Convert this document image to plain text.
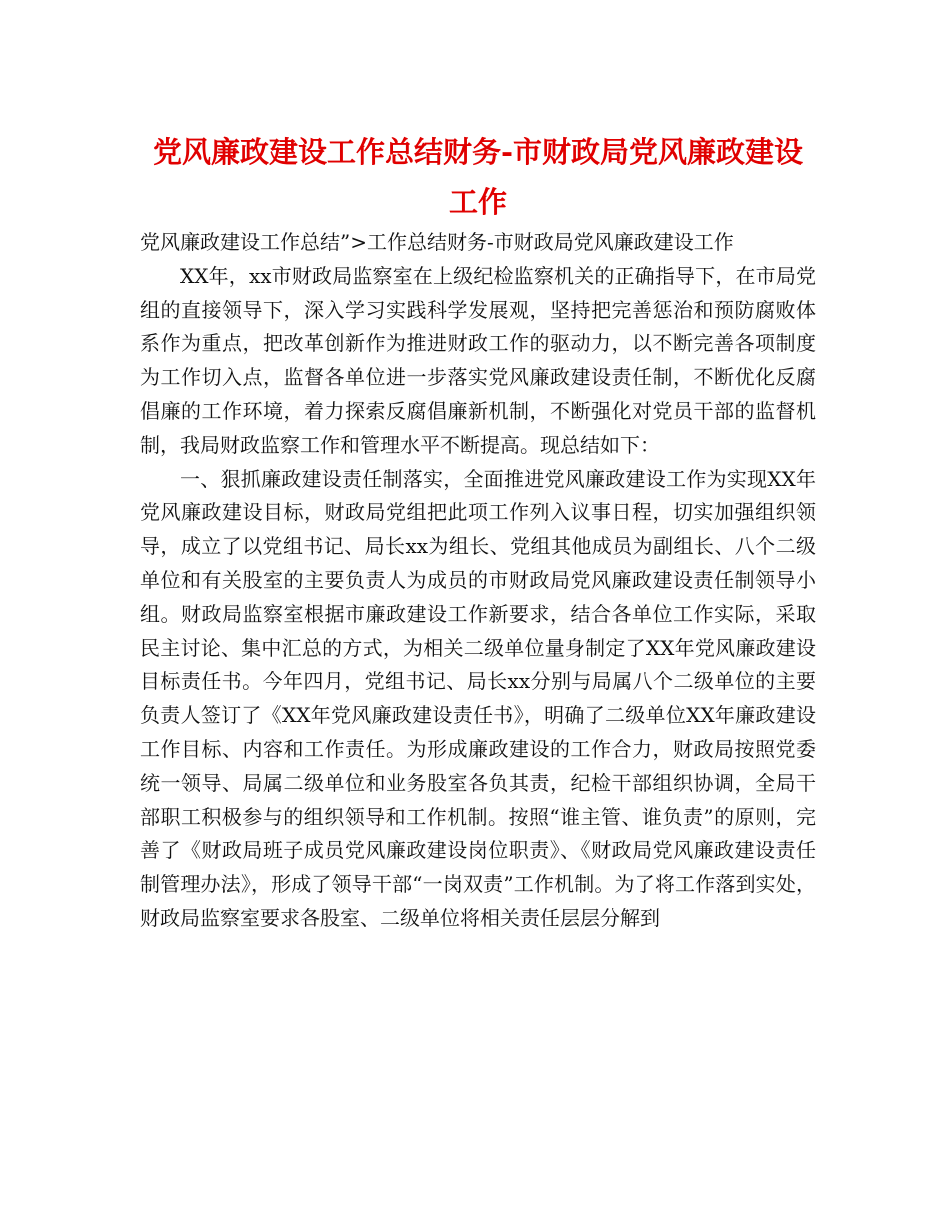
党风廉政建设工作总结财务-市财政局党风廉政建设工作

党风廉政建设工作总结”>工作总结财务-市财政局党风廉政建设工作

XX年，xx市财政局监察室在上级纪检监察机关的正确指导下，在市局党组的直接领导下，深入学习实践科学发展观，坚持把完善惩治和预防腐败体系作为重点，把改革创新作为推进财政工作的驱动力，以不断完善各项制度为工作切入点，监督各单位进一步落实党风廉政建设责任制，不断优化反腐倡廉的工作环境，着力探索反腐倡廉新机制，不断强化对党员干部的监督机制，我局财政监察工作和管理水平不断提高。现总结如下：

一、狠抓廉政建设责任制落实，全面推进党风廉政建设工作为实现XX年党风廉政建设目标，财政局党组把此项工作列入议事日程，切实加强组织领导，成立了以党组书记、局长xx为组长、党组其他成员为副组长、八个二级单位和有关股室的主要负责人为成员的市财政局党风廉政建设责任制领导小组。财政局监察室根据市廉政建设工作新要求，结合各单位工作实际，采取民主讨论、集中汇总的方式，为相关二级单位量身制定了XX年党风廉政建设目标责任书。今年四月，党组书记、局长xx分别与局属八个二级单位的主要负责人签订了《XX年党风廉政建设责任书》，明确了二级单位XX年廉政建设工作目标、内容和工作责任。为形成廉政建设的工作合力，财政局按照党委统一领导、局属二级单位和业务股室各负其责，纪检干部组织协调，全局干部职工积极参与的组织领导和工作机制。按照“谁主管、谁负责”的原则，完善了《财政局班子成员党风廉政建设岗位职责》、《财政局党风廉政建设责任制管理办法》，形成了领导干部“一岗双责”工作机制。为了将工作落到实处，财政局监察室要求各股室、二级单位将相关责任层层分解到
